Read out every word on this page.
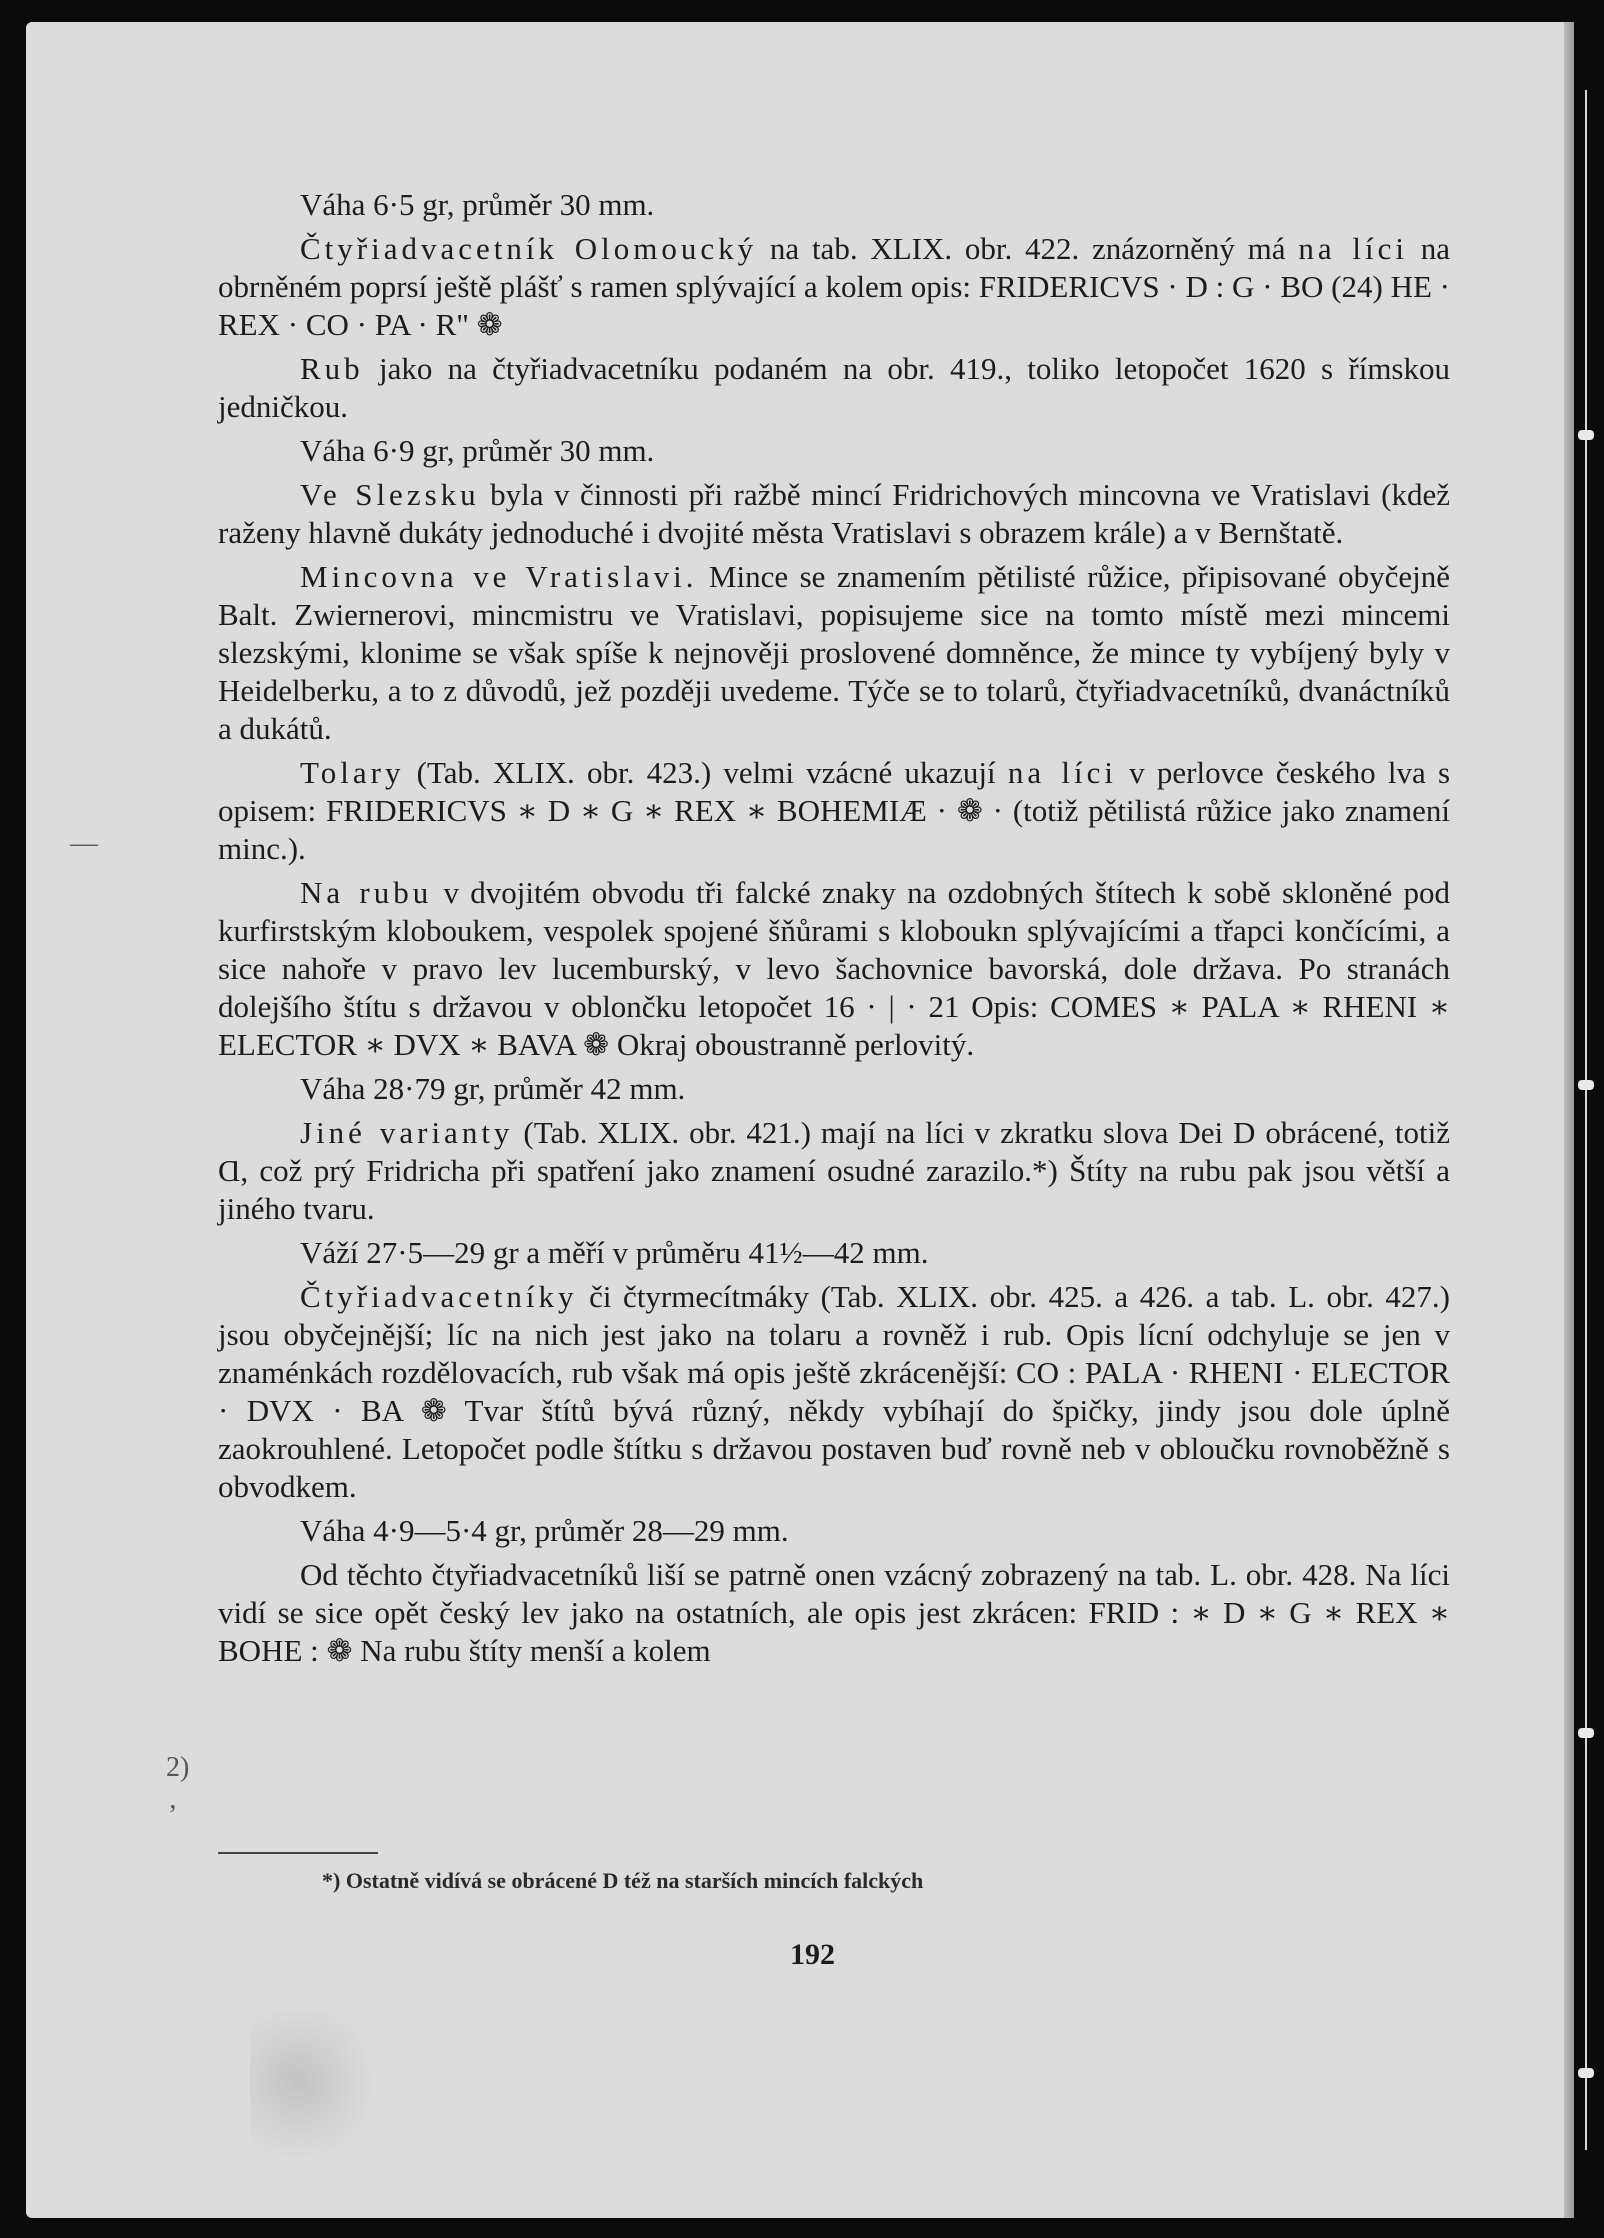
2)
—
ʼ

Váha 6·5 gr, průměr 30 mm.

Čtyřiadvacetník Olomoucký na tab. XLIX. obr. 422. znázorněný má na líci na obrněném poprsí ještě plášť s ramen splývající a kolem opis: FRIDERICVS · D : G · BO (24) HE · REX · CO · PA · R" ❁

Rub jako na čtyřiadvacetníku podaném na obr. 419., toliko letopočet 1620 s římskou jedničkou.

Váha 6·9 gr, průměr 30 mm.

Ve Slezsku byla v činnosti při ražbě mincí Fridrichových mincovna ve Vratislavi (kdež raženy hlavně dukáty jednoduché i dvojité města Vratislavi s obrazem krále) a v Bernštatě.

Mincovna ve Vratislavi. Mince se znamením pětilisté růžice, připisované obyčejně Balt. Zwiernerovi, mincmistru ve Vratislavi, popisujeme sice na tomto místě mezi mincemi slezskými, klonime se však spíše k nejnověji proslovené domněnce, že mince ty vybíjený byly v Heidelberku, a to z důvodů, jež později uvedeme. Týče se to tolarů, čtyřiadvacetníků, dvanáctníků a dukátů.

Tolary (Tab. XLIX. obr. 423.) velmi vzácné ukazují na líci v perlovce českého lva s opisem: FRIDERICVS ∗ D ∗ G ∗ REX ∗ BOHEMIÆ · ❁ · (totiž pětilistá růžice jako znamení minc.).

Na rubu v dvojitém obvodu tři falcké znaky na ozdobných štítech k sobě skloněné pod kurfirstským kloboukem, vespolek spojené šňůrami s kloboukn splývajícími a třapci končícími, a sice nahoře v pravo lev lucemburský, v levo šachovnice bavorská, dole država. Po stranách dolejšího štítu s državou v oblončku letopočet 16 · | · 21 Opis: COMES ∗ PALA ∗ RHENI ∗ ELECTOR ∗ DVX ∗ BAVA ❁ Okraj oboustranně perlovitý.

Váha 28·79 gr, průměr 42 mm.

Jiné varianty (Tab. XLIX. obr. 421.) mají na líci v zkratku slova Dei D obrácené, totiž Ɑ, což prý Fridricha při spatření jako znamení osudné zarazilo.*) Štíty na rubu pak jsou větší a jiného tvaru.

Váží 27·5—29 gr a měří v průměru 41½—42 mm.

Čtyřiadvacetníky či čtyrmecítmáky (Tab. XLIX. obr. 425. a 426. a tab. L. obr. 427.) jsou obyčejnější; líc na nich jest jako na tolaru a rovněž i rub. Opis lícní odchyluje se jen v znaménkách rozdělovacích, rub však má opis ještě zkrácenější: CO : PALA · RHENI · ELECTOR · DVX · BA ❁ Tvar štítů bývá různý, někdy vybíhají do špičky, jindy jsou dole úplně zaokrouhlené. Letopočet podle štítku s državou postaven buď rovně neb v obloučku rovnoběžně s obvodkem.

Váha 4·9—5·4 gr, průměr 28—29 mm.

Od těchto čtyřiadvacetníků liší se patrně onen vzácný zobrazený na tab. L. obr. 428. Na líci vidí se sice opět český lev jako na ostatních, ale opis jest zkrácen: FRID : ∗ D ∗ G ∗ REX ∗ BOHE : ❁ Na rubu štíty menší a kolem

*) Ostatně vidívá se obrácené D též na starších mincích falckých
192
